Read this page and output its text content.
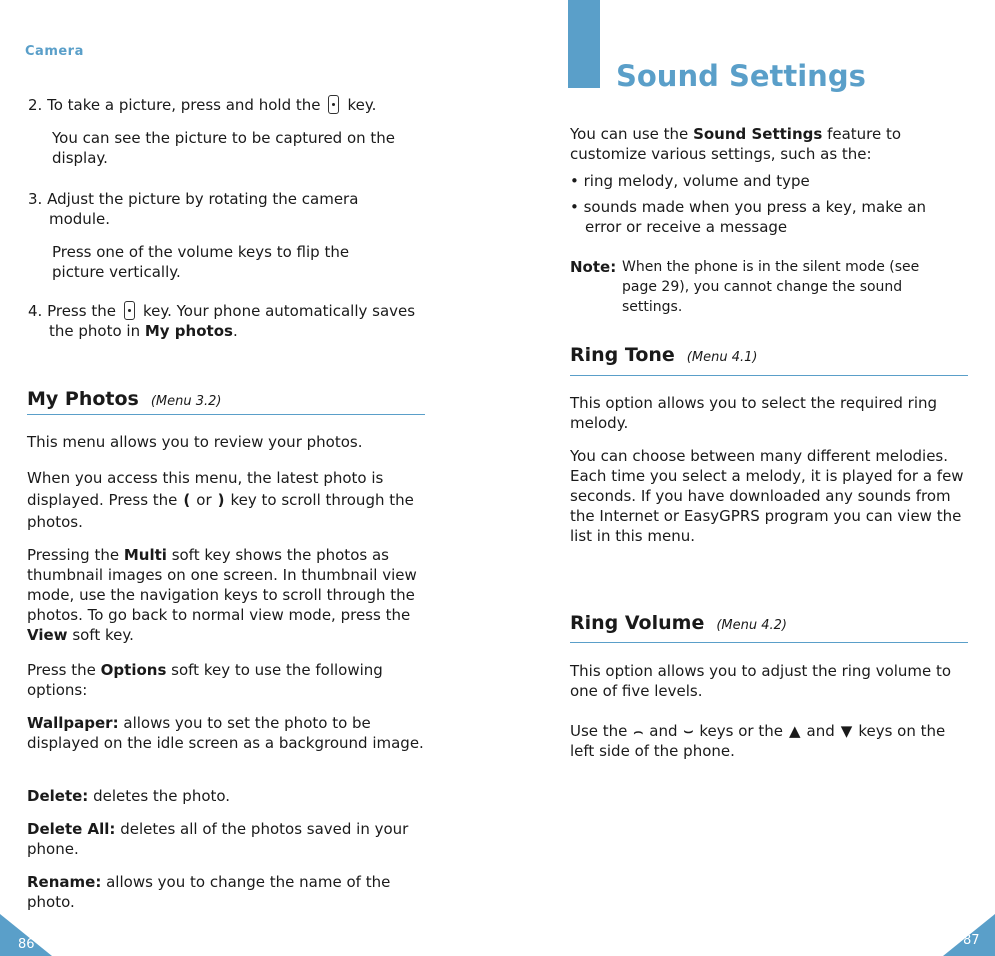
Camera
2. To take a picture, press and hold the key.
You can see the picture to be captured on the display.
3. Adjust the picture by rotating the camera module.
Press one of the volume keys to flip the picture vertically.
4. Press the key. Your phone automatically saves the photo in My photos.
My Photos (Menu 3.2)
This menu allows you to review your photos.
When you access this menu, the latest photo is displayed. Press the ( or ) key to scroll through the photos.
Pressing the Multi soft key shows the photos as thumbnail images on one screen. In thumbnail view mode, use the navigation keys to scroll through the photos. To go back to normal view mode, press the View soft key.
Press the Options soft key to use the following options:
Wallpaper: allows you to set the photo to be displayed on the idle screen as a background image.
Delete: deletes the photo.
Delete All: deletes all of the photos saved in your phone.
Rename: allows you to change the name of the photo.
86
Sound Settings
You can use the Sound Settings feature to customize various settings, such as the:
• ring melody, volume and type
• sounds made when you press a key, make an error or receive a message
Note: When the phone is in the silent mode (see page 29), you cannot change the sound settings.
Ring Tone (Menu 4.1)
This option allows you to select the required ring melody.
You can choose between many different melodies. Each time you select a melody, it is played for a few seconds. If you have downloaded any sounds from the Internet or EasyGPRS program you can view the list in this menu.
Ring Volume (Menu 4.2)
This option allows you to adjust the ring volume to one of five levels.
Use the ⌢ and ⌣ keys or the ▲ and ▼ keys on the left side of the phone.
87
